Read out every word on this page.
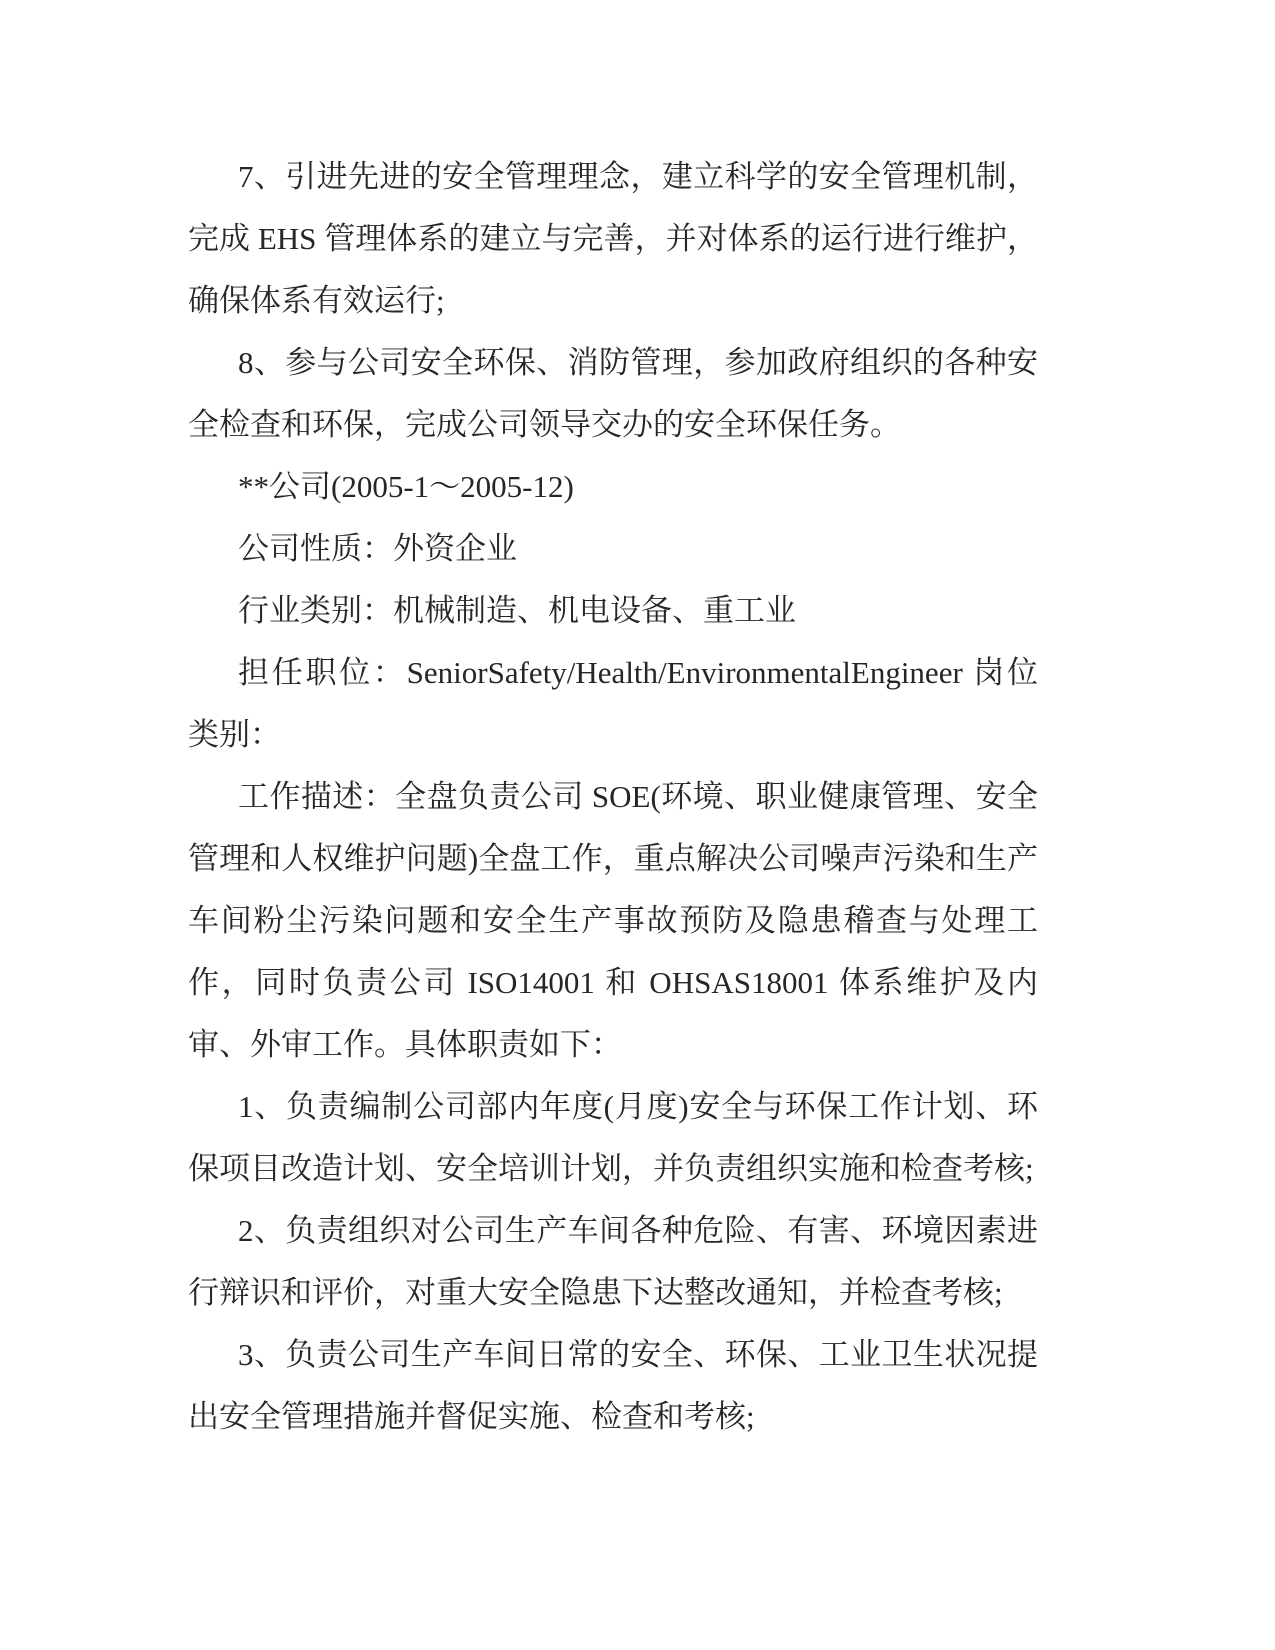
7、引进先进的安全管理理念，建立科学的安全管理机制，完成 EHS 管理体系的建立与完善，并对体系的运行进行维护，确保体系有效运行;

8、参与公司安全环保、消防管理，参加政府组织的各种安全检查和环保，完成公司领导交办的安全环保任务。

**公司(2005-1～2005-12)

公司性质：外资企业

行业类别：机械制造、机电设备、重工业

担任职位：SeniorSafety/Health/EnvironmentalEngineer 岗位类别：

工作描述：全盘负责公司 SOE(环境、职业健康管理、安全管理和人权维护问题)全盘工作，重点解决公司噪声污染和生产车间粉尘污染问题和安全生产事故预防及隐患稽查与处理工作，同时负责公司 ISO14001 和 OHSAS18001 体系维护及内审、外审工作。具体职责如下：

1、负责编制公司部内年度(月度)安全与环保工作计划、环保项目改造计划、安全培训计划，并负责组织实施和检查考核;

2、负责组织对公司生产车间各种危险、有害、环境因素进行辩识和评价，对重大安全隐患下达整改通知，并检查考核;

3、负责公司生产车间日常的安全、环保、工业卫生状况提出安全管理措施并督促实施、检查和考核;
